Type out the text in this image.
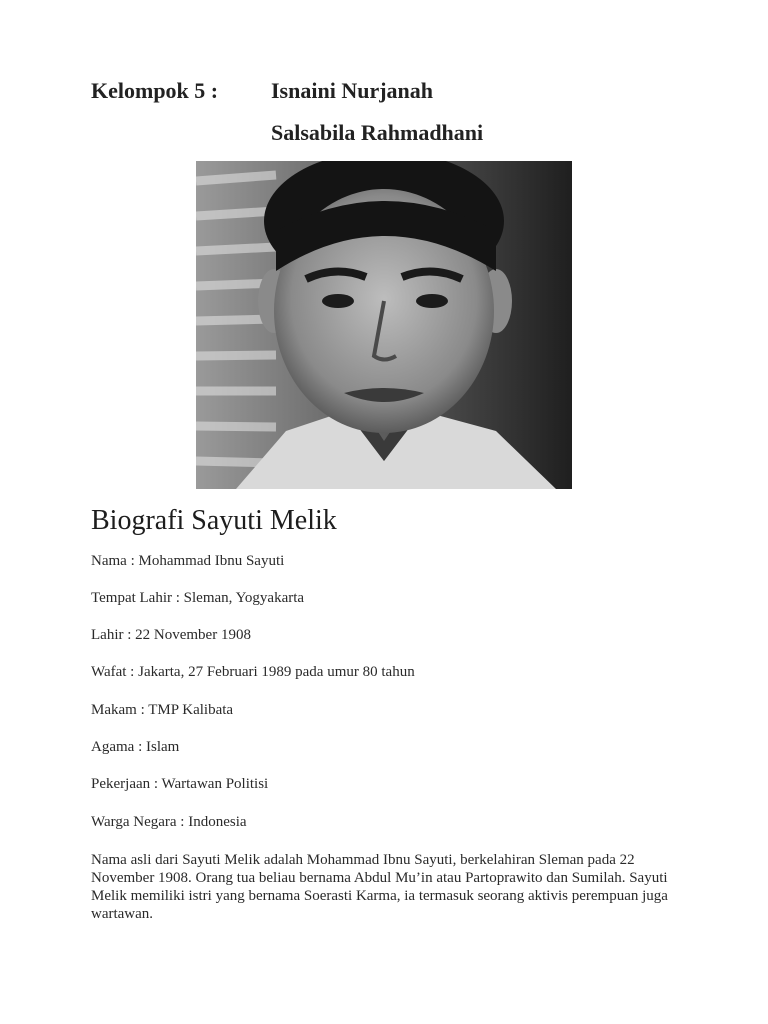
Kelompok 5 : Isnaini Nurjanah
Salsabila Rahmadhani
Biografi Sayuti Melik
Nama : Mohammad Ibnu Sayuti
Tempat Lahir : Sleman, Yogyakarta
Lahir : 22 November 1908
Wafat : Jakarta, 27 Februari 1989 pada umur 80 tahun
Makam : TMP Kalibata
Agama : Islam
Pekerjaan : Wartawan Politisi
Warga Negara : Indonesia
Nama asli dari Sayuti Melik adalah Mohammad Ibnu Sayuti, berkelahiran Sleman pada 22 November 1908. Orang tua beliau bernama Abdul Mu’in atau Partoprawito dan Sumilah. Sayuti Melik memiliki istri yang bernama Soerasti Karma, ia termasuk seorang aktivis perempuan juga wartawan.
